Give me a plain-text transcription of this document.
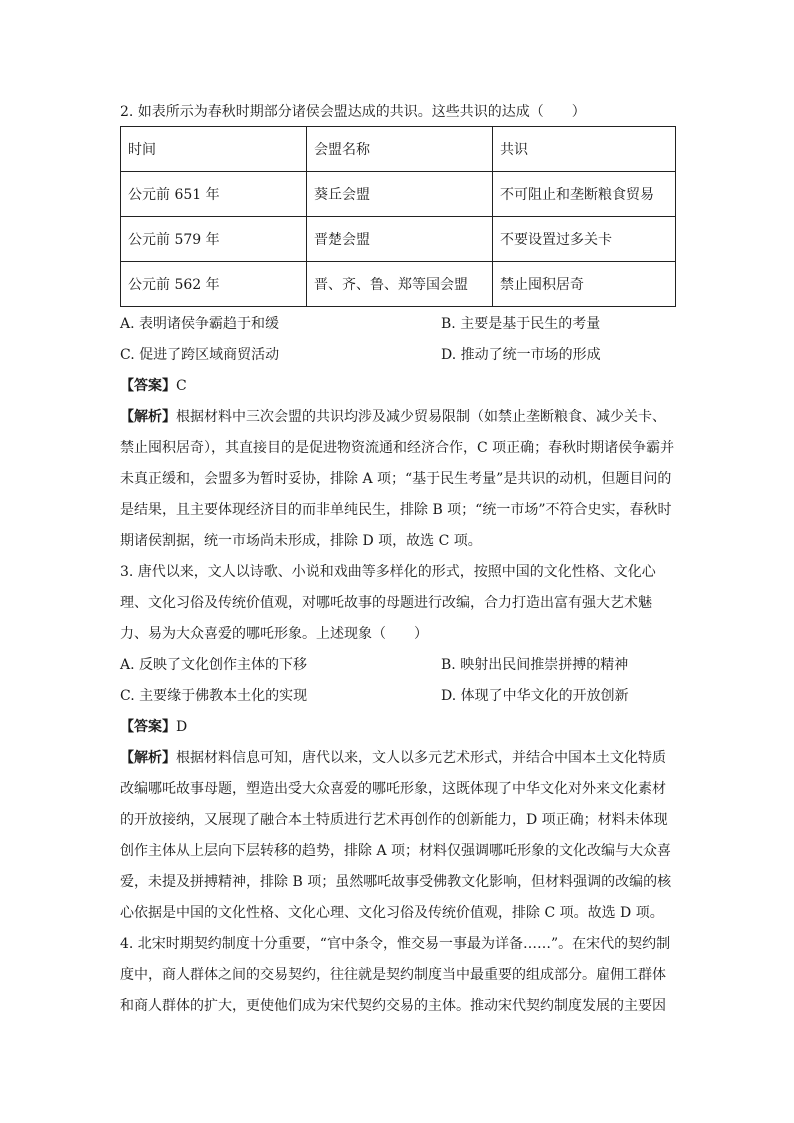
2. 如表所示为春秋时期部分诸侯会盟达成的共识。这些共识的达成（　　）
时间	会盟名称	共识
公元前 651 年	葵丘会盟	不可阻止和垄断粮食贸易
公元前 579 年	晋楚会盟	不要设置过多关卡
公元前 562 年	晋、齐、鲁、郑等国会盟	禁止囤积居奇
A. 表明诸侯争霸趋于和缓	B. 主要是基于民生的考量
C. 促进了跨区域商贸活动	D. 推动了统一市场的形成
【答案】C
【解析】根据材料中三次会盟的共识均涉及减少贸易限制（如禁止垄断粮食、减少关卡、
禁止囤积居奇），其直接目的是促进物资流通和经济合作，C 项正确；春秋时期诸侯争霸并
未真正缓和，会盟多为暂时妥协，排除 A 项；“基于民生考量”是共识的动机，但题目问的
是结果，且主要体现经济目的而非单纯民生，排除 B 项；“统一市场”不符合史实，春秋时
期诸侯割据，统一市场尚未形成，排除 D 项，故选 C 项。
3. 唐代以来，文人以诗歌、小说和戏曲等多样化的形式，按照中国的文化性格、文化心
理、文化习俗及传统价值观，对哪吒故事的母题进行改编，合力打造出富有强大艺术魅
力、易为大众喜爱的哪吒形象。上述现象（　　）
A. 反映了文化创作主体的下移	B. 映射出民间推崇拼搏的精神
C. 主要缘于佛教本土化的实现	D. 体现了中华文化的开放创新
【答案】D
【解析】根据材料信息可知，唐代以来，文人以多元艺术形式，并结合中国本土文化特质
改编哪吒故事母题，塑造出受大众喜爱的哪吒形象，这既体现了中华文化对外来文化素材
的开放接纳，又展现了融合本土特质进行艺术再创作的创新能力，D 项正确；材料未体现
创作主体从上层向下层转移的趋势，排除 A 项；材料仅强调哪吒形象的文化改编与大众喜
爱，未提及拼搏精神，排除 B 项；虽然哪吒故事受佛教文化影响，但材料强调的改编的核
心依据是中国的文化性格、文化心理、文化习俗及传统价值观，排除 C 项。故选 D 项。
4. 北宋时期契约制度十分重要，“官中条令，惟交易一事最为详备……”。在宋代的契约制
度中，商人群体之间的交易契约，往往就是契约制度当中最重要的组成部分。雇佣工群体
和商人群体的扩大，更使他们成为宋代契约交易的主体。推动宋代契约制度发展的主要因
